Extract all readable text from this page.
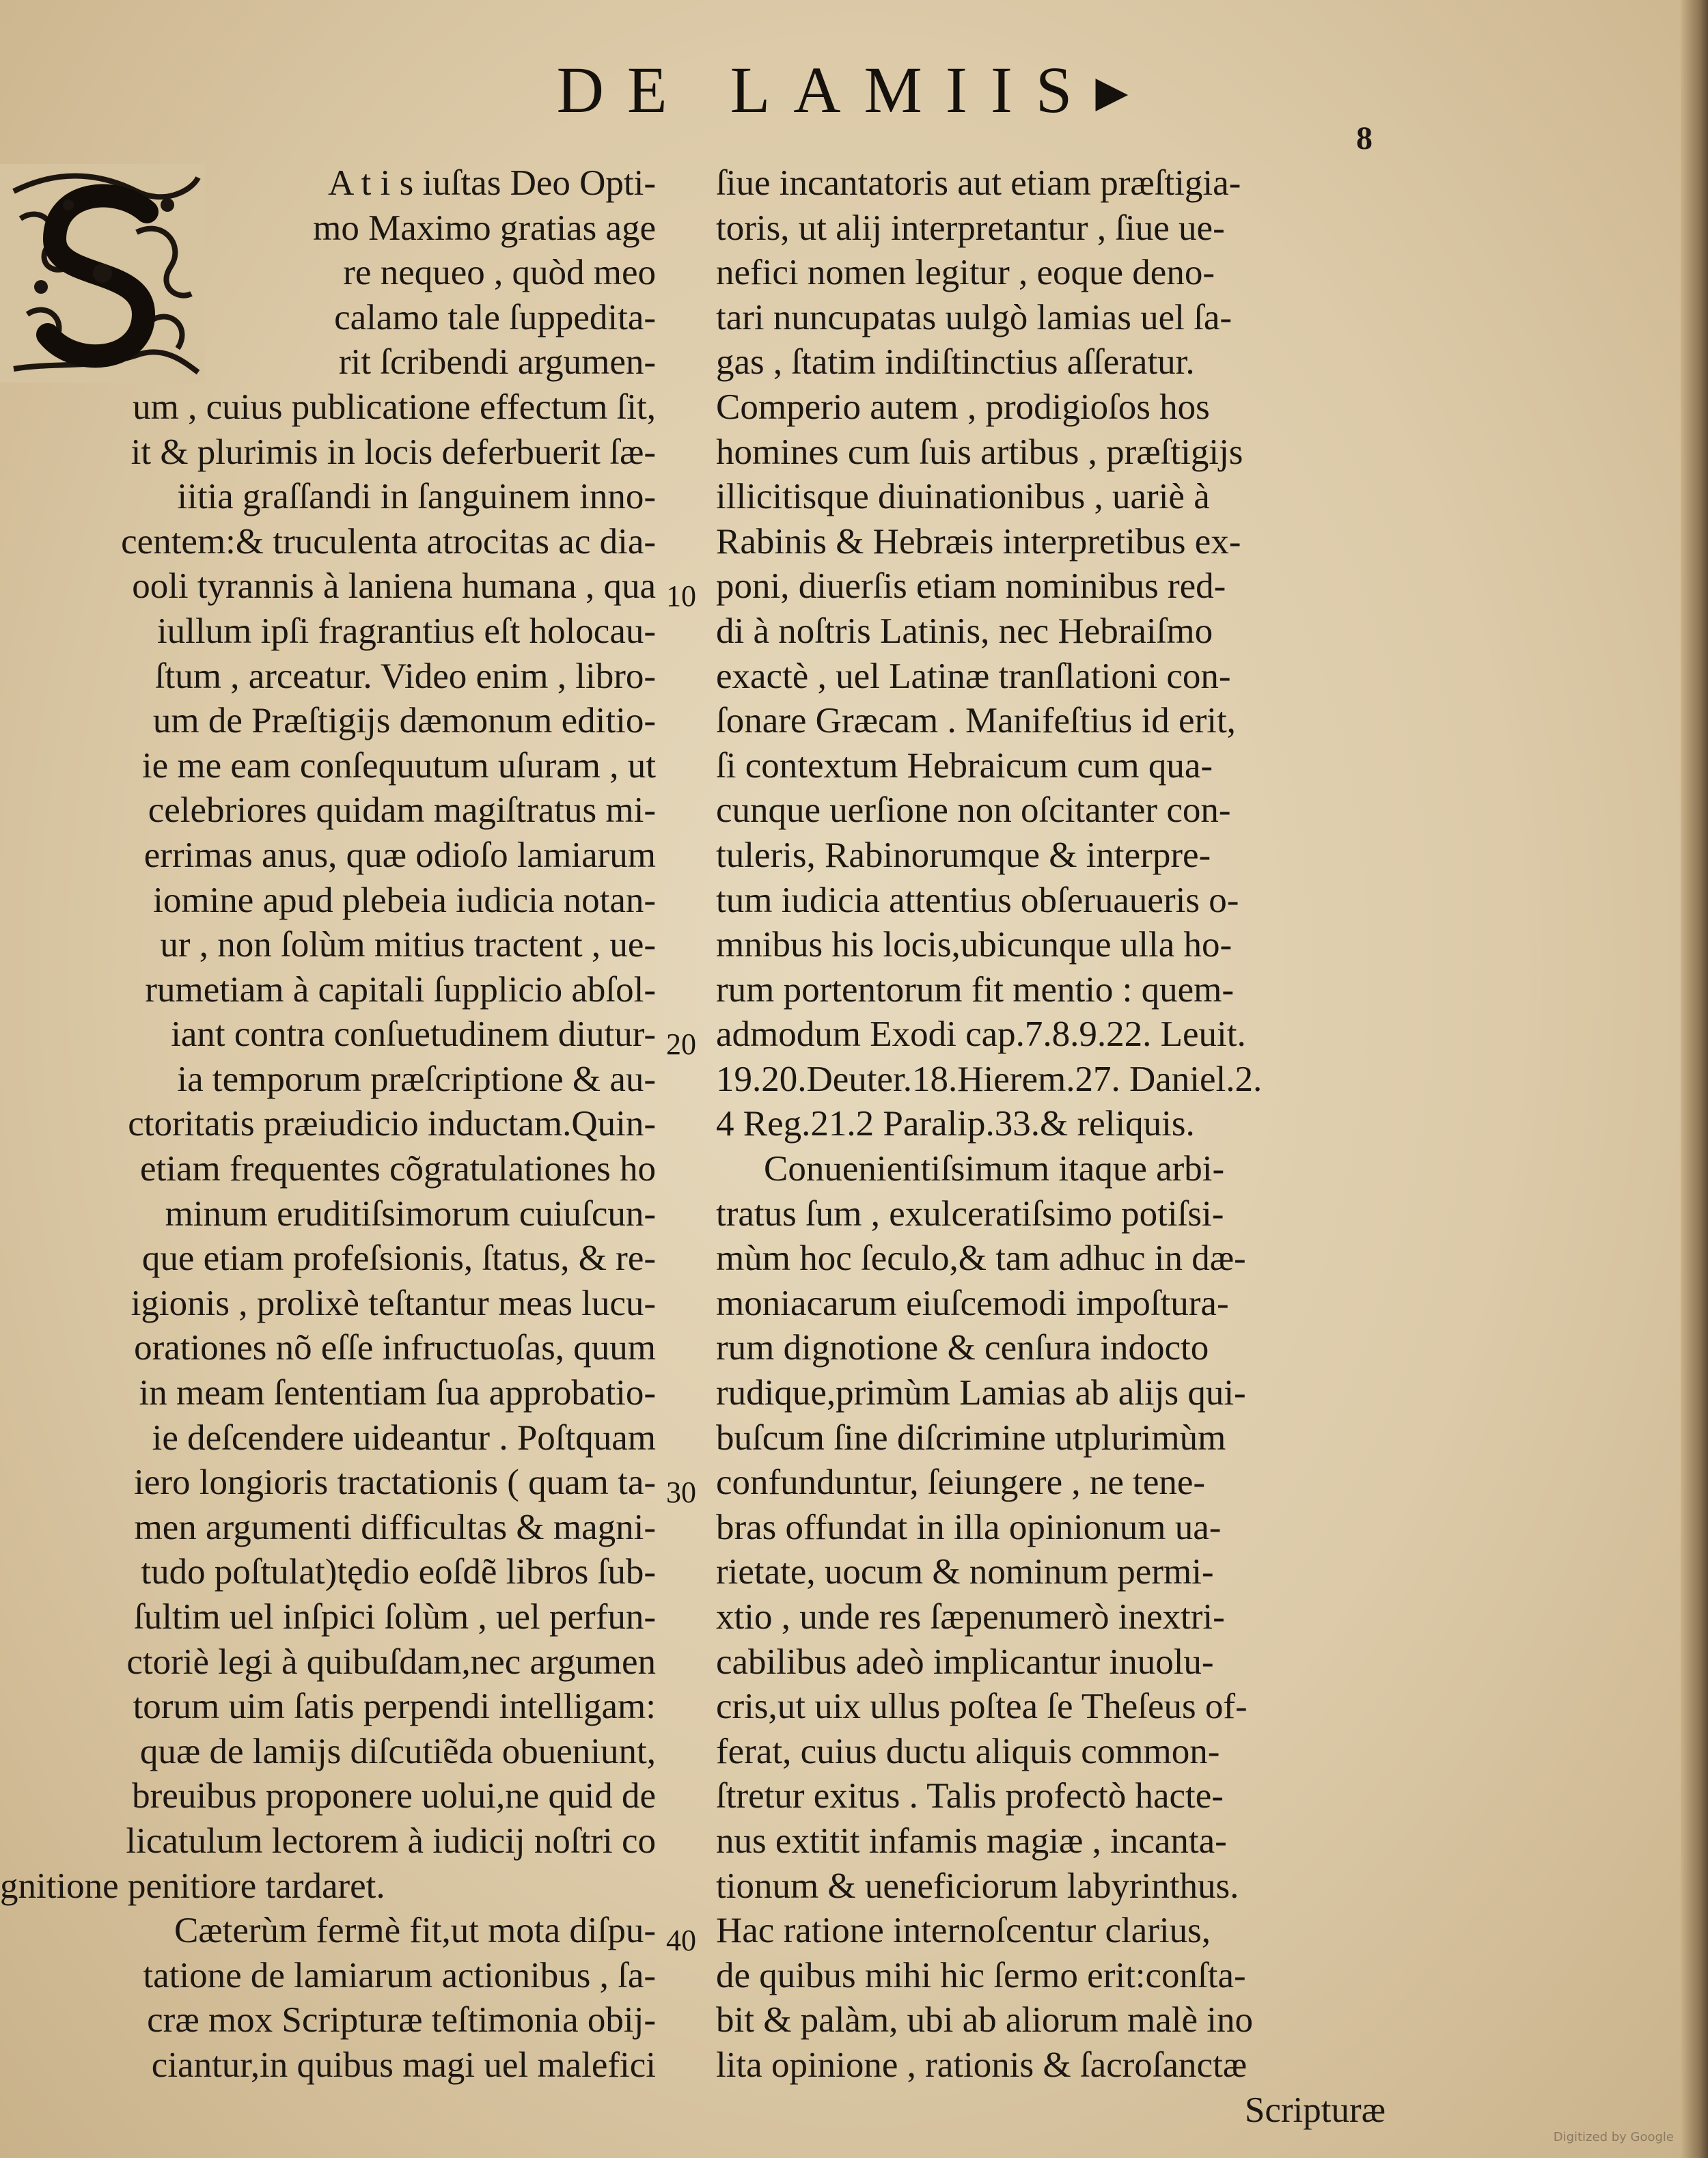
DE LAMIIS▸
8
A t i s iuſtas Deo Opti-
mo Maximo gratias age
re nequeo , quòd meo
calamo tale ſuppedita-
rit ſcribendi argumen-
um , cuius publicatione effectum ſit,
it & plurimis in locis deferbuerit ſæ-
iitia graſſandi in ſanguinem inno-
centem:& truculenta atrocitas ac dia-
ooli tyrannis à laniena humana , qua
iullum ipſi fragrantius eſt holocau-
ſtum , arceatur. Video enim , libro-
um de Præſtigijs dæmonum editio-
ie me eam conſequutum uſuram , ut
celebriores quidam magiſtratus mi-
errimas anus, quæ odioſo lamiarum
iomine apud plebeia iudicia notan-
ur , non ſolùm mitius tractent , ue-
rumetiam à capitali ſupplicio abſol-
iant contra conſuetudinem diutur-
ia temporum præſcriptione & au-
ctoritatis præiudicio inductam.Quin-
etiam frequentes cõgratulationes ho
minum eruditiſsimorum cuiuſcun-
que etiam profeſsionis, ſtatus, & re-
igionis , prolixè teſtantur meas lucu-
orationes nõ eſſe infructuoſas, quum
in meam ſententiam ſua approbatio-
ie deſcendere uideantur . Poſtquam
iero longioris tractationis ( quam ta-
men argumenti difficultas & magni-
tudo poſtulat)tędio eoſdẽ libros ſub-
ſultim uel inſpici ſolùm , uel perfun-
ctoriè legi à quibuſdam,nec argumen
torum uim ſatis perpendi intelligam:
quæ de lamijs diſcutiẽda obueniunt,
breuibus proponere uolui,ne quid de
licatulum lectorem à iudicij noſtri co
gnitione penitiore tardaret.
Cæterùm fermè fit,ut mota diſpu-
tatione de lamiarum actionibus , ſa-
cræ mox Scripturæ teſtimonia obij-
ciantur,in quibus magi uel malefici
10
20
30
40
ſiue incantatoris aut etiam præſtigia-
toris, ut alij interpretantur , ſiue ue-
nefici nomen legitur , eoque deno-
tari nuncupatas uulgò lamias uel ſa-
gas , ſtatim indiſtinctius aſſeratur.
Comperio autem , prodigioſos hos
homines cum ſuis artibus , præſtigijs
illicitisque diuinationibus , uariè à
Rabinis & Hebræis interpretibus ex-
poni, diuerſis etiam nominibus red-
di à noſtris Latinis, nec Hebraiſmo
exactè , uel Latinæ tranſlationi con-
ſonare Græcam . Manifeſtius id erit,
ſi contextum Hebraicum cum qua-
cunque uerſione non oſcitanter con-
tuleris, Rabinorumque & interpre-
tum iudicia attentius obſeruaueris o-
mnibus his locis,ubicunque ulla ho-
rum portentorum fit mentio : quem-
admodum Exodi cap.7.8.9.22. Leuit.
19.20.Deuter.18.Hierem.27. Daniel.2.
4 Reg.21.2 Paralip.33.& reliquis.
Conuenientiſsimum itaque arbi-
tratus ſum , exulceratiſsimo potiſsi-
mùm hoc ſeculo,& tam adhuc in dæ-
moniacarum eiuſcemodi impoſtura-
rum dignotione & cenſura indocto
rudique,primùm Lamias ab alijs qui-
buſcum ſine diſcrimine utplurimùm
confunduntur, ſeiungere , ne tene-
bras offundat in illa opinionum ua-
rietate, uocum & nominum permi-
xtio , unde res ſæpenumerò inextri-
cabilibus adeò implicantur inuolu-
cris,ut uix ullus poſtea ſe Theſeus of-
ferat, cuius ductu aliquis common-
ſtretur exitus . Talis profectò hacte-
nus extitit infamis magiæ , incanta-
tionum & ueneficiorum labyrinthus.
Hac ratione internoſcentur clarius,
de quibus mihi hic ſermo erit:conſta-
bit & palàm, ubi ab aliorum malè ino
lita opinione , rationis & ſacroſanctæ
Scripturæ
Digitized by Google
